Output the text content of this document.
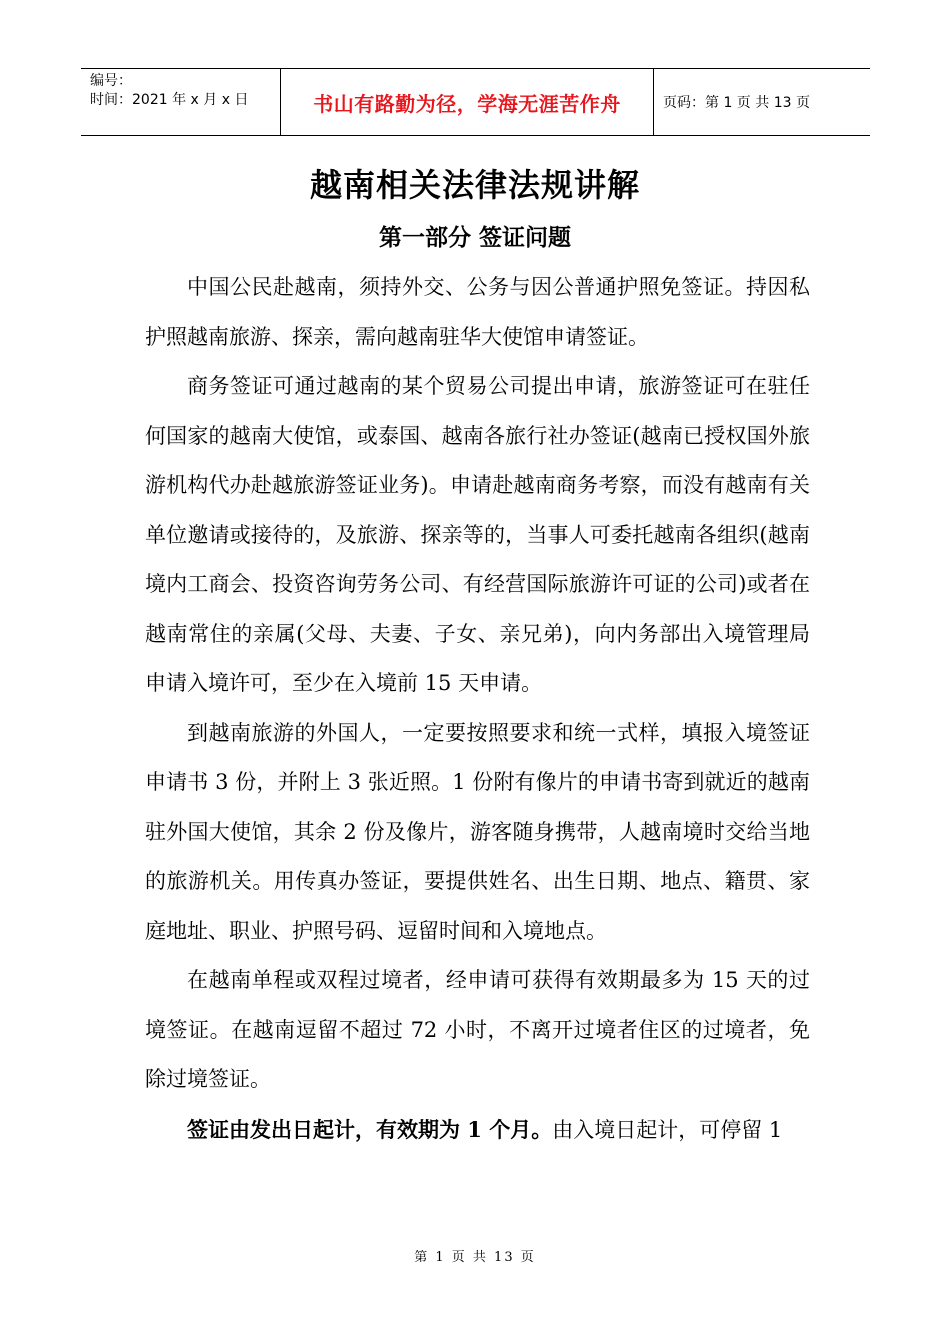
编号：
时间：2021 年 x 月 x 日	书山有路勤为径，学海无涯苦作舟	页码：第 1 页 共 13 页
越南相关法律法规讲解
第一部分 签证问题

中国公民赴越南，须持外交、公务与因公普通护照免签证。持因私护照越南旅游、探亲，需向越南驻华大使馆申请签证。

商务签证可通过越南的某个贸易公司提出申请，旅游签证可在驻任何国家的越南大使馆，或泰国、越南各旅行社办签证(越南已授权国外旅游机构代办赴越旅游签证业务)。申请赴越南商务考察，而没有越南有关单位邀请或接待的，及旅游、探亲等的，当事人可委托越南各组织(越南境内工商会、投资咨询劳务公司、有经营国际旅游许可证的公司)或者在越南常住的亲属(父母、夫妻、子女、亲兄弟)，向内务部出入境管理局申请入境许可，至少在入境前 15 天申请。

到越南旅游的外国人，一定要按照要求和统一式样，填报入境签证申请书 3 份，并附上 3 张近照。1 份附有像片的申请书寄到就近的越南驻外国大使馆，其余 2 份及像片，游客随身携带，人越南境时交给当地的旅游机关。用传真办签证，要提供姓名、出生日期、地点、籍贯、家庭地址、职业、护照号码、逗留时间和入境地点。

在越南单程或双程过境者，经申请可获得有效期最多为 15 天的过境签证。在越南逗留不超过 72 小时，不离开过境者住区的过境者，免除过境签证。

签证由发出日起计，有效期为 1 个月。由入境日起计，可停留 1

第 1 页 共 13 页
